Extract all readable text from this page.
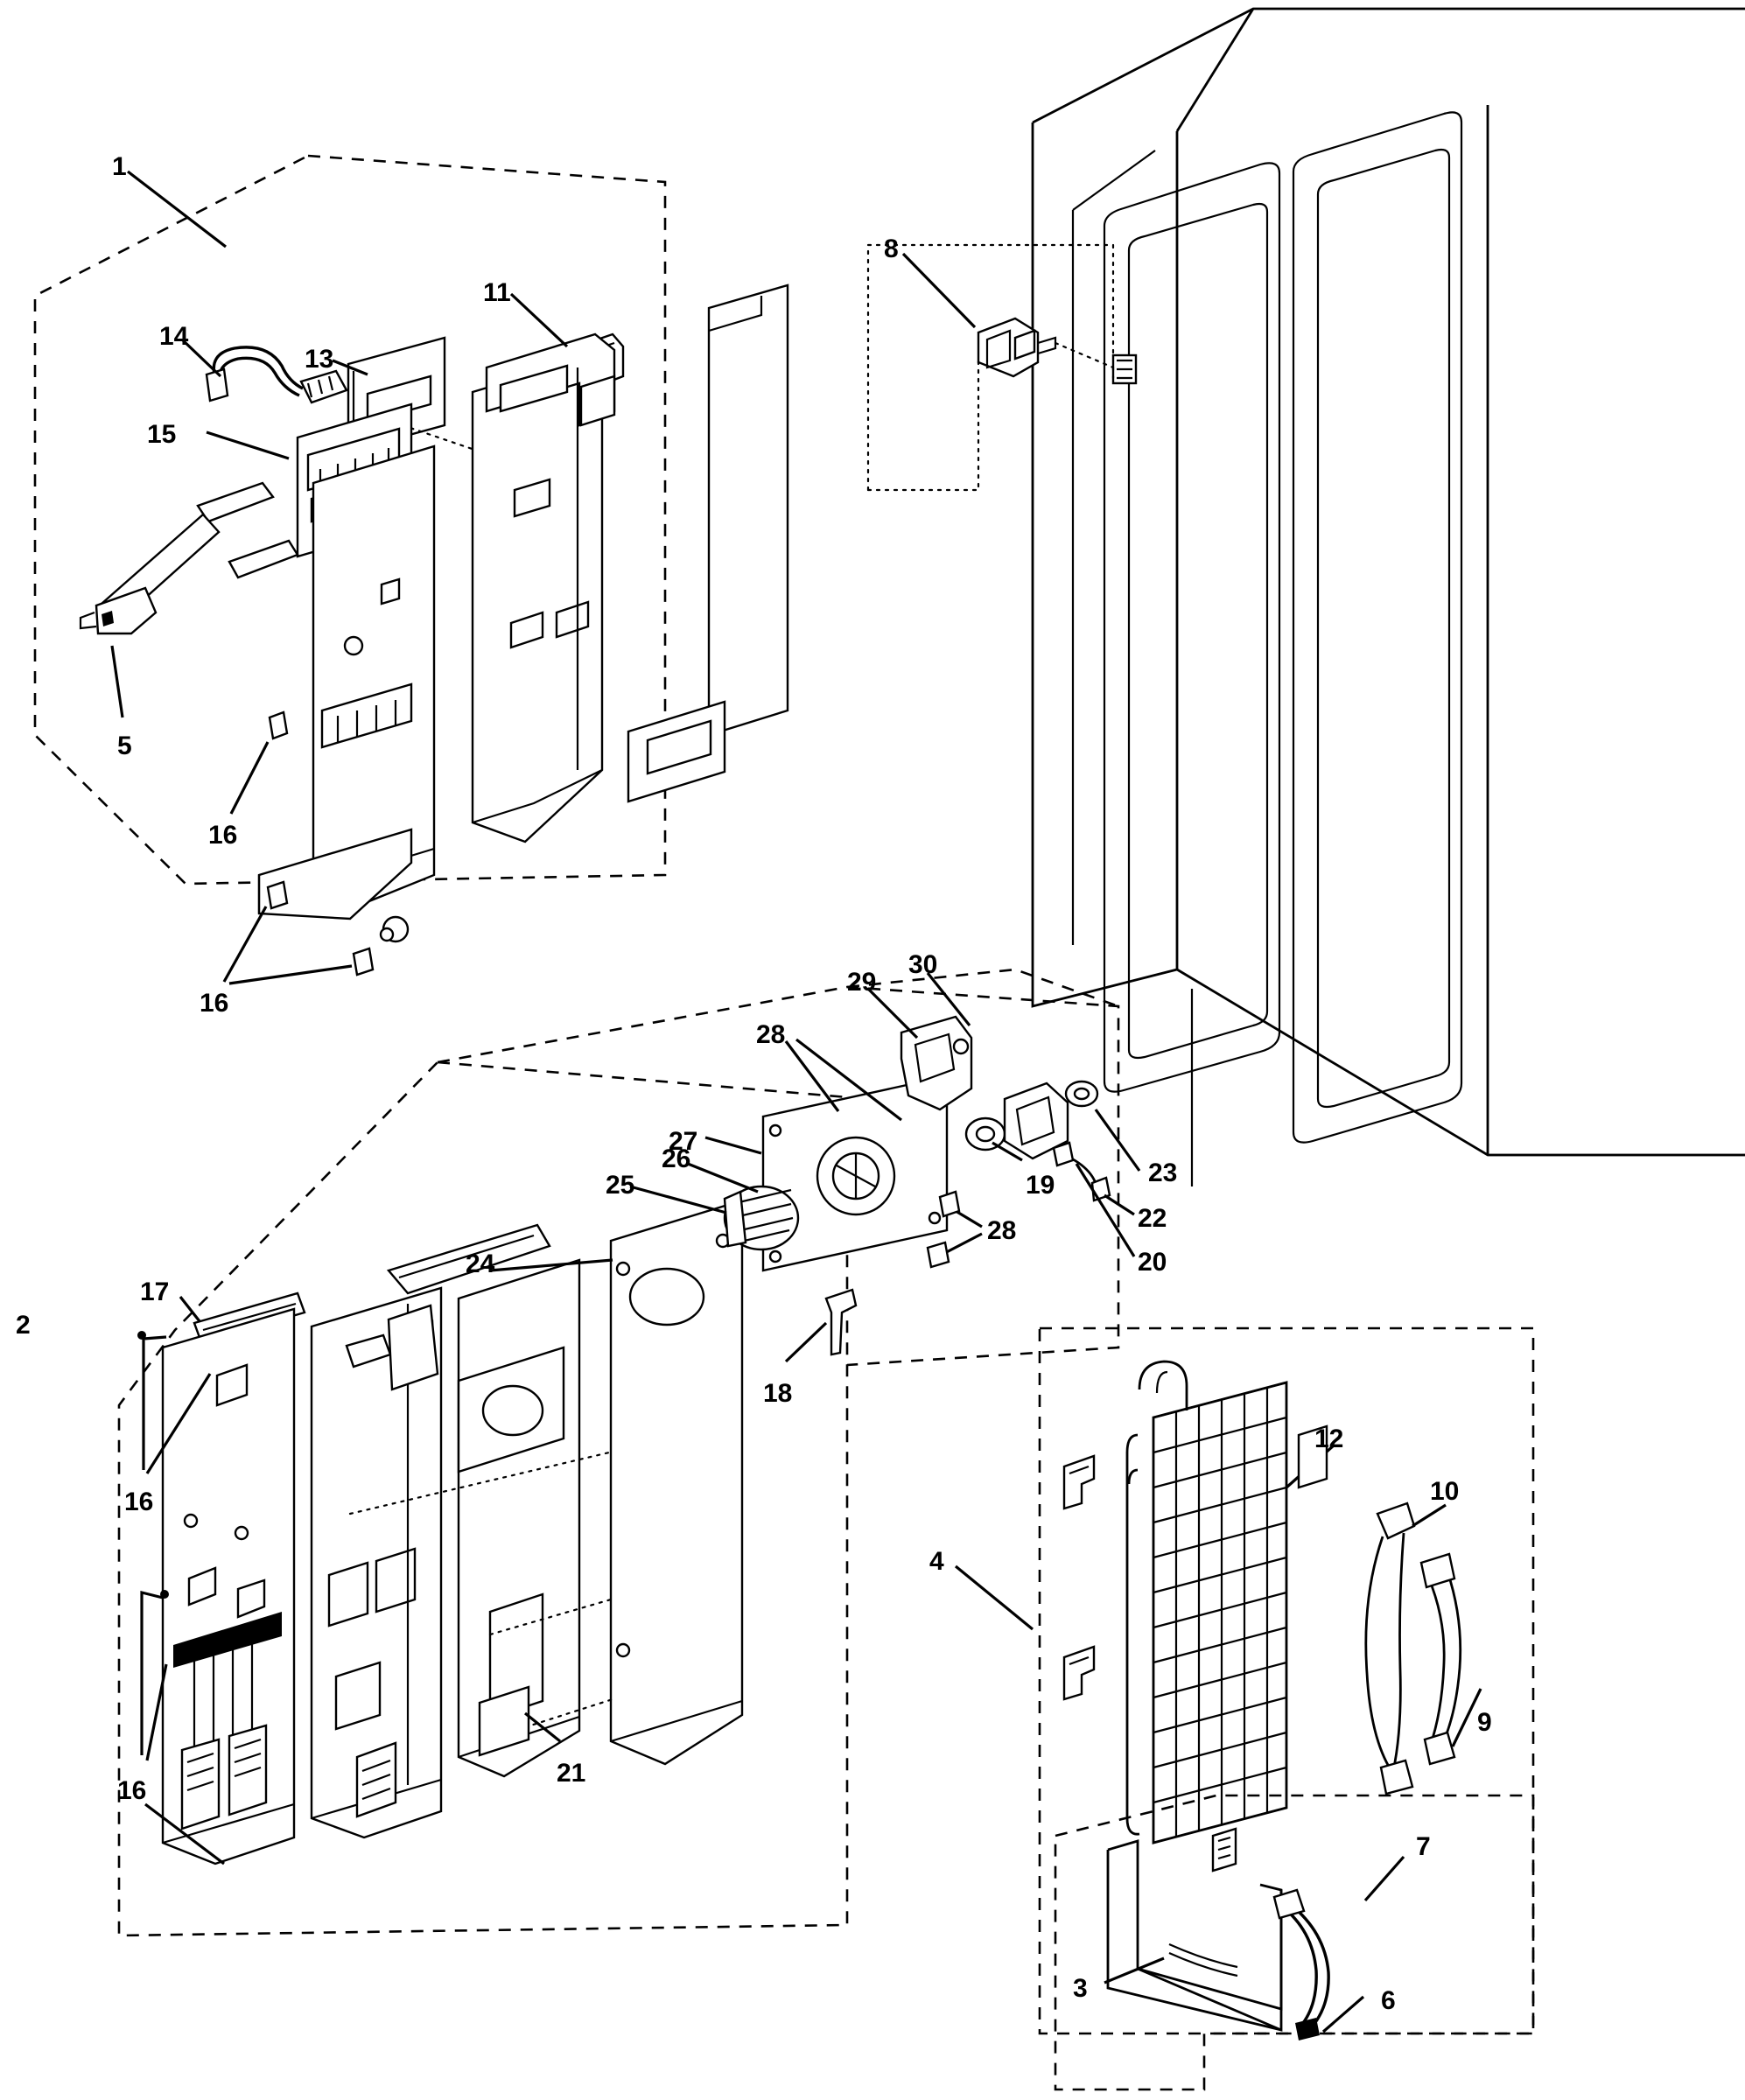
1
14
13
11
8
15
5
16
16
29
30
28
27
24
25
26
19	23
22
20
28
18
17
2
16
16
21
4
12
10
9
7
3	6
